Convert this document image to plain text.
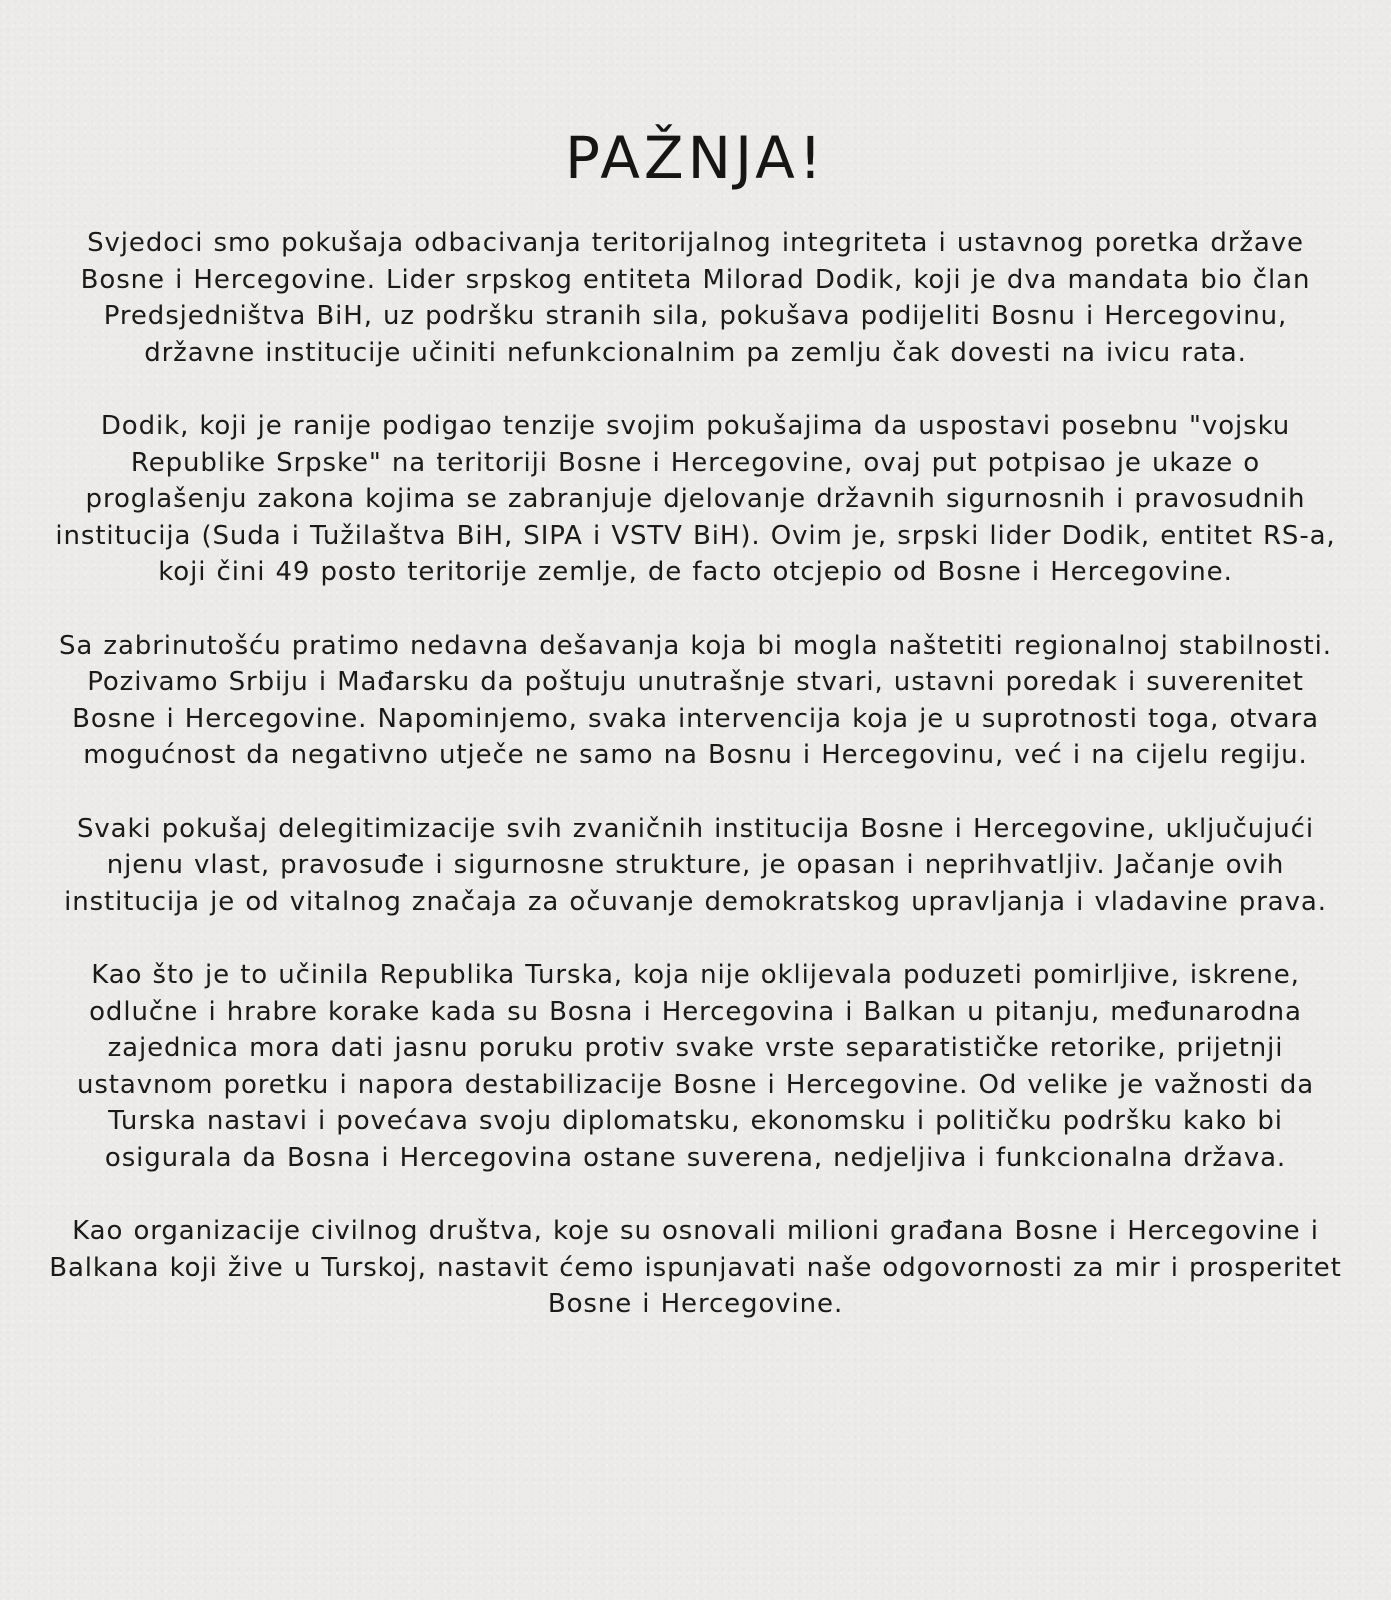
PAŽNJA!

Svjedoci smo pokušaja odbacivanja teritorijalnog integriteta i ustavnog poretka države Bosne i Hercegovine. Lider srpskog entiteta Milorad Dodik, koji je dva mandata bio član Predsjedništva BiH, uz podršku stranih sila, pokušava podijeliti Bosnu i Hercegovinu, državne institucije učiniti nefunkcionalnim pa zemlju čak dovesti na ivicu rata.

Dodik, koji je ranije podigao tenzije svojim pokušajima da uspostavi posebnu "vojsku Republike Srpske" na teritoriji Bosne i Hercegovine, ovaj put potpisao je ukaze o proglašenju zakona kojima se zabranjuje djelovanje državnih sigurnosnih i pravosudnih institucija (Suda i Tužilaštva BiH, SIPA i VSTV BiH). Ovim je, srpski lider Dodik, entitet RS-a, koji čini 49 posto teritorije zemlje, de facto otcjepio od Bosne i Hercegovine.

Sa zabrinutošću pratimo nedavna dešavanja koja bi mogla naštetiti regionalnoj stabilnosti. Pozivamo Srbiju i Mađarsku da poštuju unutrašnje stvari, ustavni poredak i suverenitet Bosne i Hercegovine. Napominjemo, svaka intervencija koja je u suprotnosti toga, otvara mogućnost da negativno utječe ne samo na Bosnu i Hercegovinu, već i na cijelu regiju.

Svaki pokušaj delegitimizacije svih zvaničnih institucija Bosne i Hercegovine, uključujući njenu vlast, pravosuđe i sigurnosne strukture, je opasan i neprihvatljiv. Jačanje ovih institucija je od vitalnog značaja za očuvanje demokratskog upravljanja i vladavine prava.

Kao što je to učinila Republika Turska, koja nije oklijevala poduzeti pomirljive, iskrene, odlučne i hrabre korake kada su Bosna i Hercegovina i Balkan u pitanju, međunarodna zajednica mora dati jasnu poruku protiv svake vrste separatističke retorike, prijetnji ustavnom poretku i napora destabilizacije Bosne i Hercegovine. Od velike je važnosti da Turska nastavi i povećava svoju diplomatsku, ekonomsku i političku podršku kako bi osigurala da Bosna i Hercegovina ostane suverena, nedjeljiva i funkcionalna država.

Kao organizacije civilnog društva, koje su osnovali milioni građana Bosne i Hercegovine i Balkana koji žive u Turskoj, nastavit ćemo ispunjavati naše odgovornosti za mir i prosperitet Bosne i Hercegovine.
